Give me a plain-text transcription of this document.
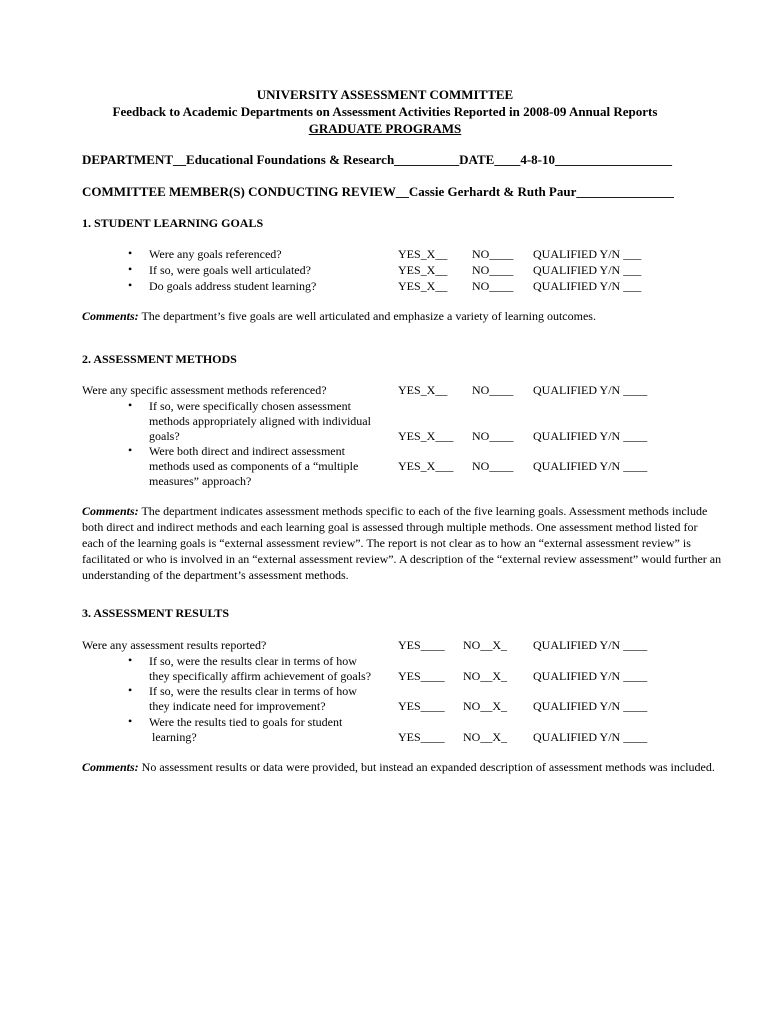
UNIVERSITY ASSESSMENT COMMITTEE
Feedback to Academic Departments on Assessment Activities Reported in 2008-09 Annual Reports
GRADUATE PROGRAMS
DEPARTMENT__Educational Foundations & Research__________DATE____4-8-10__________________
COMMITTEE MEMBER(S) CONDUCTING REVIEW__Cassie Gerhardt & Ruth Paur_______________
1. STUDENT LEARNING GOALS
• Were any goals referenced?	YES_X__ NO____ QUALIFIED Y/N ___
• If so, were goals well articulated?	YES_X__ NO____ QUALIFIED Y/N ___
• Do goals address student learning?	YES_X__ NO____ QUALIFIED Y/N ___
Comments: The department’s five goals are well articulated and emphasize a variety of learning outcomes.
2. ASSESSMENT METHODS
Were any specific assessment methods referenced?	YES_X__ NO____ QUALIFIED Y/N ____
• If so, were specifically chosen assessment
methods appropriately aligned with individual
goals?	YES_X___ NO____ QUALIFIED Y/N ____
• Were both direct and indirect assessment
methods used as components of a “multiple	YES_X___ NO____ QUALIFIED Y/N ____
measures” approach?
Comments: The department indicates assessment methods specific to each of the five learning goals. Assessment methods include both direct and indirect methods and each learning goal is assessed through multiple methods. One assessment method listed for each of the learning goals is “external assessment review”. The report is not clear as to how an “external assessment review” is facilitated or who is involved in an “external assessment review”. A description of the “external review assessment” would further an understanding of the department’s assessment methods.
3. ASSESSMENT RESULTS
Were any assessment results reported?	YES____ NO__X_ QUALIFIED Y/N ____
• If so, were the results clear in terms of how
they specifically affirm achievement of goals? YES____ NO__X_ QUALIFIED Y/N ____
• If so, were the results clear in terms of how
they indicate need for improvement?	YES____ NO__X_ QUALIFIED Y/N ____
• Were the results tied to goals for student
learning?	YES____ NO__X_ QUALIFIED Y/N ____
Comments: No assessment results or data were provided, but instead an expanded description of assessment methods was included.
